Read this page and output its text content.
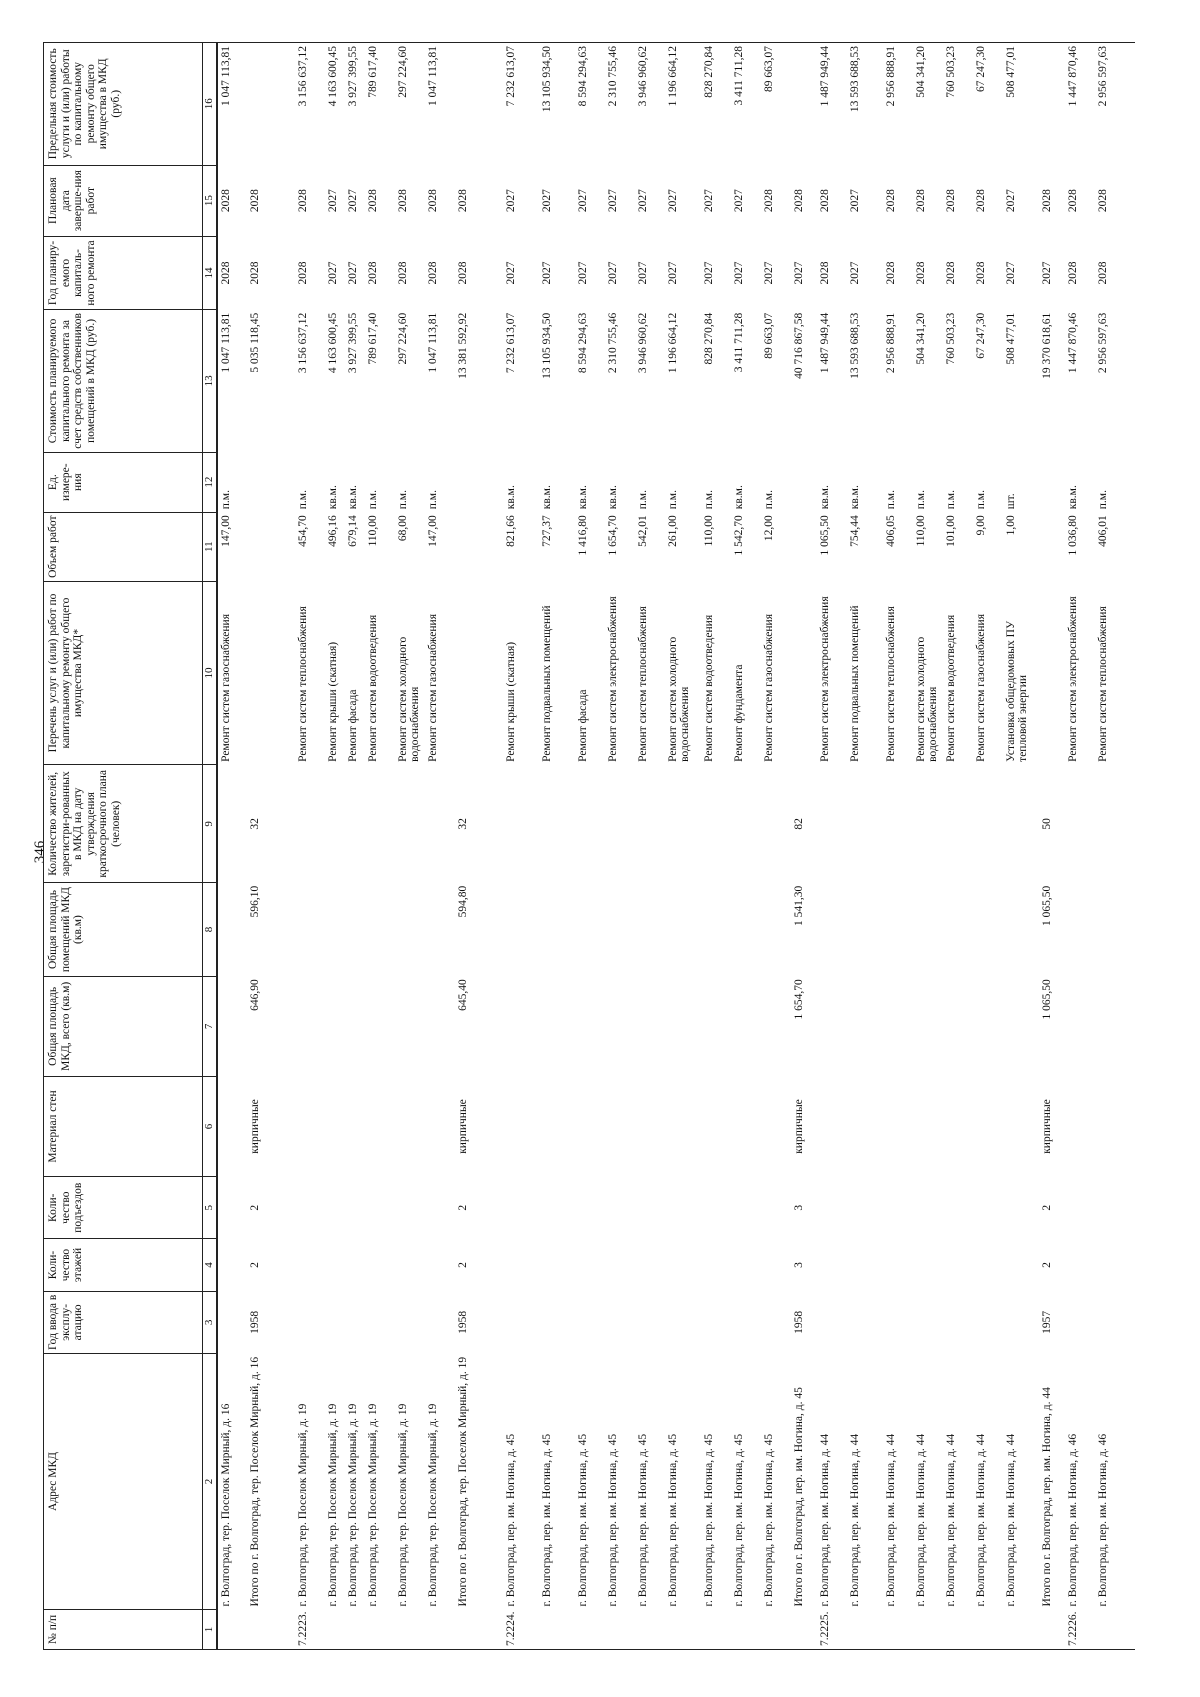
346
№ п/п	Адрес МКД	Год ввода в эксплу-атацию	Коли-чество этажей	Коли-чество подъездов	Материал стен	Общая площадь МКД, всего (кв.м)	Общая площадь помещений МКД (кв.м)	Количество жителей, зарегистри-рованных в МКД на дату утверждения краткосрочного плана (человек)	Перечень услуг и (или) работ по капитальному ремонту общего имущества МКД*	Объем работ	Ед. измере-ния	Стоимость планируемого капитального ремонта за счет средств собственников помещений в МКД (руб.)	Год планиру-емого капиталь-ного ремонта	Плановая дата заверше-ния работ	Предельная стоимость услуги и (или) работы по капитальному ремонту общего имущества в МКД (руб.)
1	2	3	4	5	6	7	8	9	10	11	12	13	14	15	16
	г. Волгоград, тер. Поселок Мирный, д. 16								Ремонт систем газоснабжения	147,00	п.м.	1 047 113,81	2028	2028	1 047 113,81
	Итого по г. Волгоград, тер. Поселок Мирный, д. 16	1958	2	2	кирпичные	646,90	596,10	32				5 035 118,45	2028	2028	
7.2223.	г. Волгоград, тер. Поселок Мирный, д. 19								Ремонт систем теплоснабжения	454,70	п.м.	3 156 637,12	2028	2028	3 156 637,12
	г. Волгоград, тер. Поселок Мирный, д. 19								Ремонт крыши (скатная)	496,16	кв.м.	4 163 600,45	2027	2027	4 163 600,45
	г. Волгоград, тер. Поселок Мирный, д. 19								Ремонт фасада	679,14	кв.м.	3 927 399,55	2027	2027	3 927 399,55
	г. Волгоград, тер. Поселок Мирный, д. 19								Ремонт систем водоотведения	110,00	п.м.	789 617,40	2028	2028	789 617,40
	г. Волгоград, тер. Поселок Мирный, д. 19								Ремонт систем холодного водоснабжения	68,00	п.м.	297 224,60	2028	2028	297 224,60
	г. Волгоград, тер. Поселок Мирный, д. 19								Ремонт систем газоснабжения	147,00	п.м.	1 047 113,81	2028	2028	1 047 113,81
	Итого по г. Волгоград, тер. Поселок Мирный, д. 19	1958	2	2	кирпичные	645,40	594,80	32				13 381 592,92	2028	2028	
7.2224.	г. Волгоград, пер. им. Ногина, д. 45								Ремонт крыши (скатная)	821,66	кв.м.	7 232 613,07	2027	2027	7 232 613,07
	г. Волгоград, пер. им. Ногина, д. 45								Ремонт подвальных помещений	727,37	кв.м.	13 105 934,50	2027	2027	13 105 934,50
	г. Волгоград, пер. им. Ногина, д. 45								Ремонт фасада	1 416,80	кв.м.	8 594 294,63	2027	2027	8 594 294,63
	г. Волгоград, пер. им. Ногина, д. 45								Ремонт систем электроснабжения	1 654,70	кв.м.	2 310 755,46	2027	2027	2 310 755,46
	г. Волгоград, пер. им. Ногина, д. 45								Ремонт систем теплоснабжения	542,01	п.м.	3 946 960,62	2027	2027	3 946 960,62
	г. Волгоград, пер. им. Ногина, д. 45								Ремонт систем холодного водоснабжения	261,00	п.м.	1 196 664,12	2027	2027	1 196 664,12
	г. Волгоград, пер. им. Ногина, д. 45								Ремонт систем водоотведения	110,00	п.м.	828 270,84	2027	2027	828 270,84
	г. Волгоград, пер. им. Ногина, д. 45								Ремонт фундамента	1 542,70	кв.м.	3 411 711,28	2027	2027	3 411 711,28
	г. Волгоград, пер. им. Ногина, д. 45								Ремонт систем газоснабжения	12,00	п.м.	89 663,07	2027	2028	89 663,07
	Итого по г. Волгоград, пер. им. Ногина, д. 45	1958	3	3	кирпичные	1 654,70	1 541,30	82				40 716 867,58	2027	2028	
7.2225.	г. Волгоград, пер. им. Ногина, д. 44								Ремонт систем электроснабжения	1 065,50	кв.м.	1 487 949,44	2028	2028	1 487 949,44
	г. Волгоград, пер. им. Ногина, д. 44								Ремонт подвальных помещений	754,44	кв.м.	13 593 688,53	2027	2027	13 593 688,53
	г. Волгоград, пер. им. Ногина, д. 44								Ремонт систем теплоснабжения	406,05	п.м.	2 956 888,91	2028	2028	2 956 888,91
	г. Волгоград, пер. им. Ногина, д. 44								Ремонт систем холодного водоснабжения	110,00	п.м.	504 341,20	2028	2028	504 341,20
	г. Волгоград, пер. им. Ногина, д. 44								Ремонт систем водоотведения	101,00	п.м.	760 503,23	2028	2028	760 503,23
	г. Волгоград, пер. им. Ногина, д. 44								Ремонт систем газоснабжения	9,00	п.м.	67 247,30	2028	2028	67 247,30
	г. Волгоград, пер. им. Ногина, д. 44								Установка общедомовых ПУ тепловой энергии	1,00	шт.	508 477,01	2027	2027	508 477,01
	Итого по г. Волгоград, пер. им. Ногина, д. 44	1957	2	2	кирпичные	1 065,50	1 065,50	50				19 370 618,61	2027	2028	
7.2226.	г. Волгоград, пер. им. Ногина, д. 46								Ремонт систем электроснабжения	1 036,80	кв.м.	1 447 870,46	2028	2028	1 447 870,46
	г. Волгоград, пер. им. Ногина, д. 46								Ремонт систем теплоснабжения	406,01	п.м.	2 956 597,63	2028	2028	2 956 597,63
